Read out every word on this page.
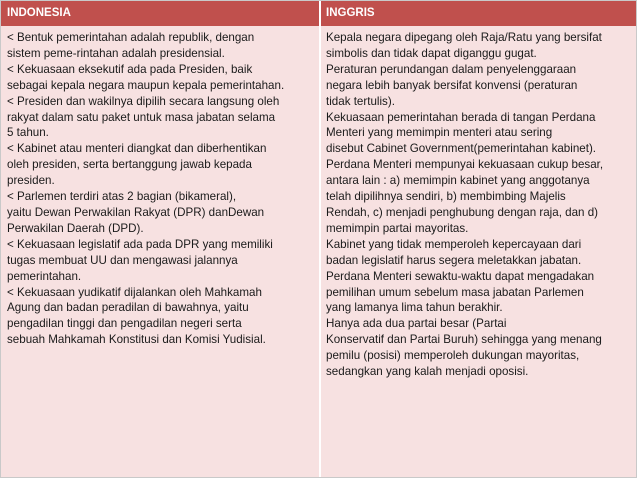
INDONESIA	INGGRIS
< Bentuk pemerintahan adalah republik, dengan
sistem peme-rintahan adalah presidensial.
< Kekuasaan eksekutif ada pada Presiden, baik
sebagai kepala negara maupun kepala pemerintahan.
< Presiden dan wakilnya dipilih secara langsung oleh
rakyat dalam satu paket untuk masa jabatan selama
5 tahun.
< Kabinet atau menteri diangkat dan diberhentikan
oleh presiden, serta bertanggung jawab kepada
presiden.
< Parlemen terdiri atas 2 bagian (bikameral),
yaitu Dewan Perwakilan Rakyat (DPR) danDewan
Perwakilan Daerah (DPD).
< Kekuasaan legislatif ada pada DPR yang memiliki
tugas membuat UU dan mengawasi jalannya
pemerintahan.
< Kekuasaan yudikatif dijalankan oleh Mahkamah
Agung dan badan peradilan di bawahnya, yaitu
pengadilan tinggi dan pengadilan negeri serta
sebuah Mahkamah Konstitusi dan Komisi Yudisial.
Kepala negara dipegang oleh Raja/Ratu yang bersifat
simbolis dan tidak dapat diganggu gugat.
Peraturan perundangan dalam penyelenggaraan
negara lebih banyak bersifat konvensi (peraturan
tidak tertulis).
Kekuasaan pemerintahan berada di tangan Perdana
Menteri yang memimpin menteri atau sering
disebut Cabinet Government(pemerintahan kabinet).
Perdana Menteri mempunyai kekuasaan cukup besar,
antara lain : a) memimpin kabinet yang anggotanya
telah dipilihnya sendiri, b) membimbing Majelis
Rendah, c) menjadi penghubung dengan raja, dan d)
memimpin partai mayoritas.
Kabinet yang tidak memperoleh kepercayaan dari
badan legislatif harus segera meletakkan jabatan.
Perdana Menteri sewaktu-waktu dapat mengadakan
pemilihan umum sebelum masa jabatan Parlemen
yang lamanya lima tahun berakhir.
Hanya ada dua partai besar (Partai
Konservatif dan Partai Buruh) sehingga yang menang
pemilu (posisi) memperoleh dukungan mayoritas,
sedangkan yang kalah menjadi oposisi.
